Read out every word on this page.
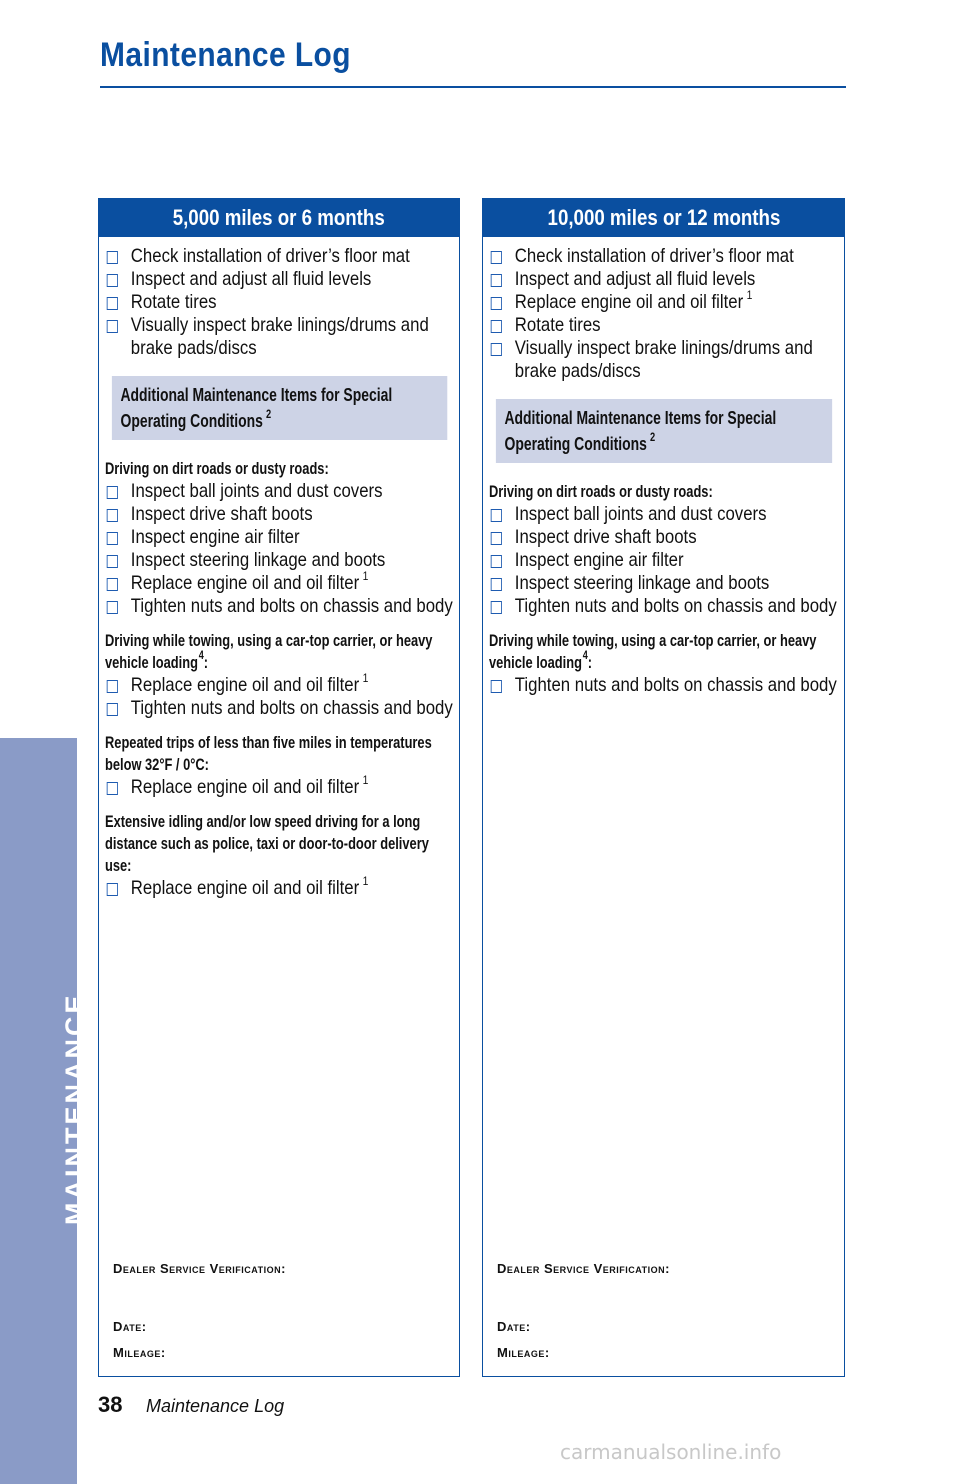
Maintenance Log
MAINTENANCE
5,000 miles or 6 months
Check installation of driver’s floor mat
Inspect and adjust all fluid levels
Rotate tires
Visually inspect brake linings/drums and brake pads/discs
Additional Maintenance Items for Special Operating Conditions $^2$
Driving on dirt roads or dusty roads:
Inspect ball joints and dust covers
Inspect drive shaft boots
Inspect engine air filter
Inspect steering linkage and boots
Replace engine oil and oil filter $^1$
Tighten nuts and bolts on chassis and body
Driving while towing, using a car-top carrier, or heavy vehicle loading$^4$:
Replace engine oil and oil filter $^1$
Tighten nuts and bolts on chassis and body
Repeated trips of less than five miles in temperatures below 32°F / 0°C:
Replace engine oil and oil filter $^1$
Extensive idling and/or low speed driving for a long distance such as police, taxi or door-to-door delivery use:
Replace engine oil and oil filter $^1$
Dealer Service Verification:
Date:
Mileage:
10,000 miles or 12 months
Check installation of driver’s floor mat
Inspect and adjust all fluid levels
Replace engine oil and oil filter $^1$
Rotate tires
Visually inspect brake linings/drums and brake pads/discs
Additional Maintenance Items for Special Operating Conditions $^2$
Driving on dirt roads or dusty roads:
Inspect ball joints and dust covers
Inspect drive shaft boots
Inspect engine air filter
Inspect steering linkage and boots
Tighten nuts and bolts on chassis and body
Driving while towing, using a car-top carrier, or heavy vehicle loading$^4$:
Tighten nuts and bolts on chassis and body
Dealer Service Verification:
Date:
Mileage:
38 Maintenance Log
carmanualsonline.info
